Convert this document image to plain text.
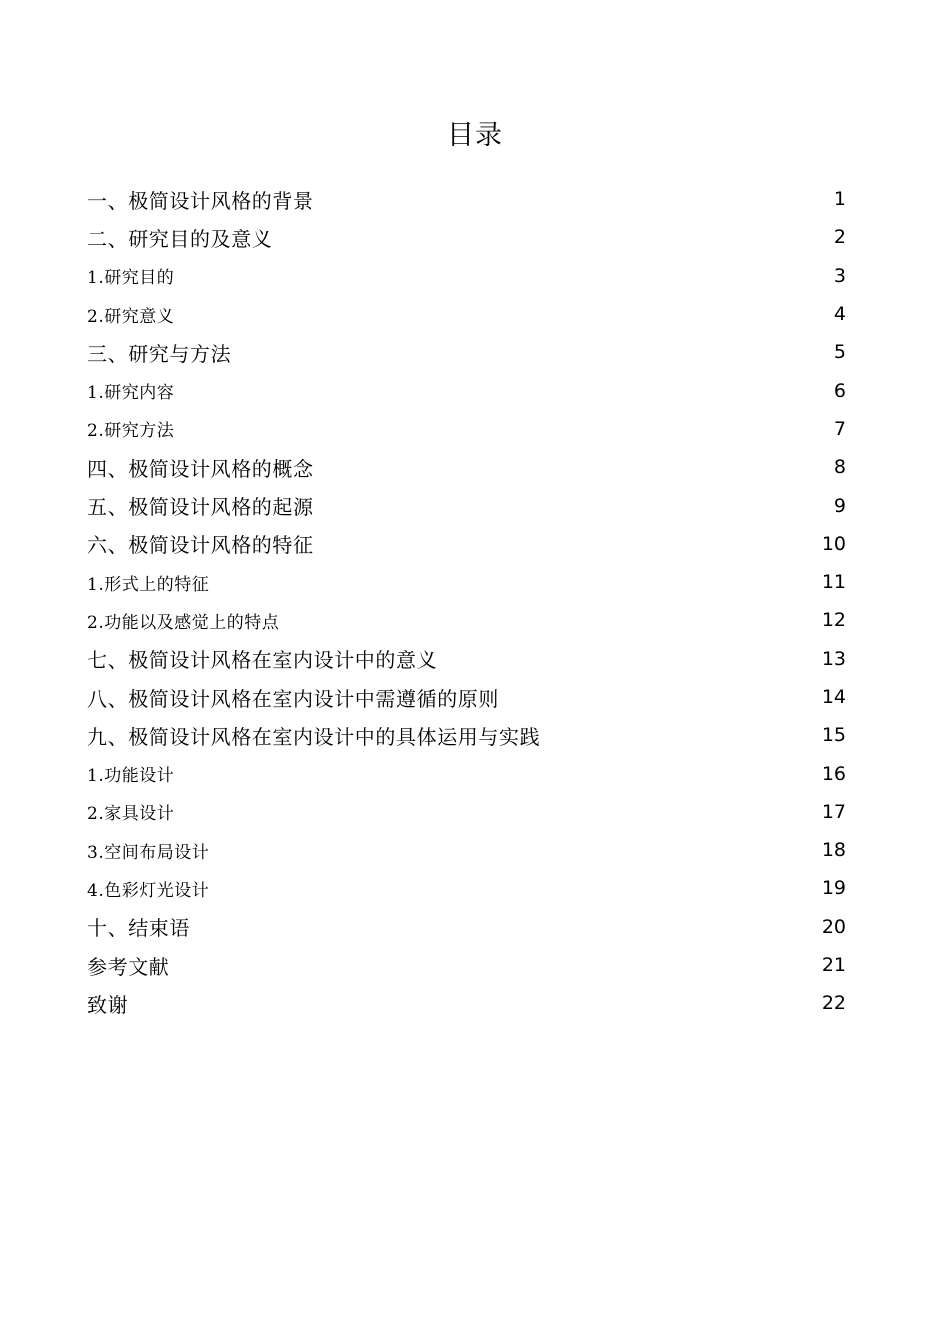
目录
一、极简设计风格的背景	1
二、研究目的及意义	2
1.研究目的	3
2.研究意义	4
三、研究与方法	5
1.研究内容	6
2.研究方法	7
四、极简设计风格的概念	8
五、极简设计风格的起源	9
六、极简设计风格的特征	10
1.形式上的特征	11
2.功能以及感觉上的特点	12
七、极简设计风格在室内设计中的意义	13
八、极简设计风格在室内设计中需遵循的原则	14
九、极简设计风格在室内设计中的具体运用与实践	15
1.功能设计	16
2.家具设计	17
3.空间布局设计	18
4.色彩灯光设计	19
十、结束语	20
参考文献	21
致谢	22
